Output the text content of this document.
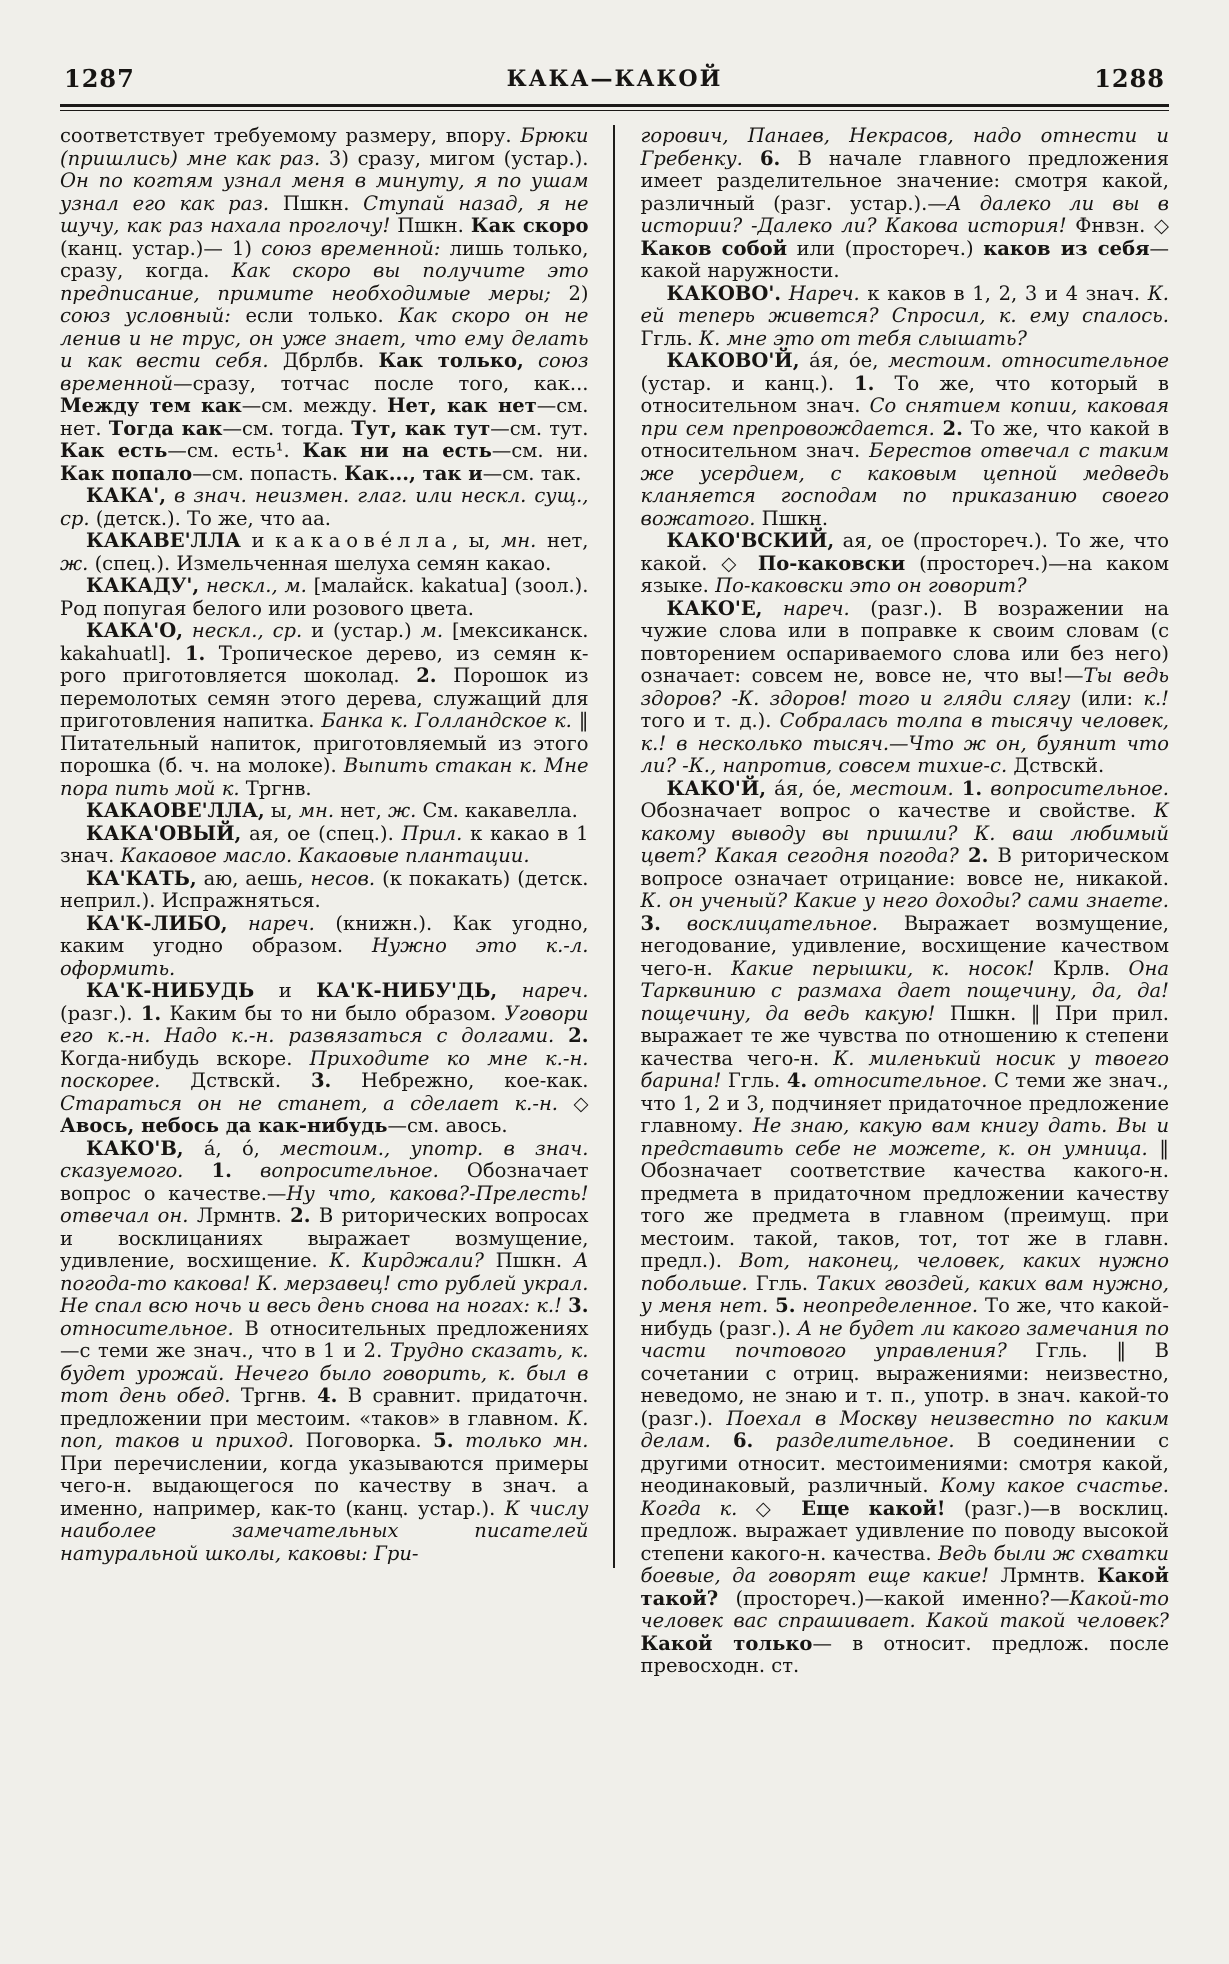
1287	КАКА—КАКОЙ	1288

соответствует требуемому размеру, впору. Брюки (пришлись) мне как раз. 3) сразу, мигом (устар.). Он по когтям узнал меня в минуту, я по ушам узнал его как раз. Пшкн. Ступай назад, я не шучу, как раз нахала проглочу! Пшкн. Как скоро (канц. устар.)— 1) союз временной: лишь только, сразу, когда. Как скоро вы получите это предписание, примите необходимые меры; 2) союз условный: если только. Как скоро он не ленив и не трус, он уже знает, что ему делать и как вести себя. Дбрлбв. Как только, союз временной—сразу, тотчас после того, как... Между тем как—см. между. Нет, как нет—см. нет. Тогда как—см. тогда. Тут, как тут—см. тут. Как есть—см. есть¹. Как ни на есть—см. ни. Как попало—см. попасть. Как..., так и—см. так.

КАКА', в знач. неизмен. глаг. или нескл. сущ., ср. (детск.). То же, что аа.

КАКАВЕ'ЛЛА и какаове́лла, ы, мн. нет, ж. (спец.). Измельченная шелуха семян какао.

КАКАДУ', нескл., м. [малайск. kakatua] (зоол.). Род попугая белого или розового цвета.

КАКА'О, нескл., ср. и (устар.) м. [мексиканск. kakahuatl]. 1. Тропическое дерево, из семян к-рого приготовляется шоколад. 2. Порошок из перемолотых семян этого дерева, служащий для приготовления напитка. Банка к. Голландское к. ‖ Питательный напиток, приготовляемый из этого порошка (б. ч. на молоке). Выпить стакан к. Мне пора пить мой к. Тргнв.

КАКАОВЕ'ЛЛА, ы, мн. нет, ж. См. какавелла.

КАКА'ОВЫЙ, ая, ое (спец.). Прил. к какао в 1 знач. Какаовое масло. Какаовые плантации.

КА'КАТЬ, аю, аешь, несов. (к покакать) (детск. неприл.). Испражняться.

КА'К-ЛИБО, нареч. (книжн.). Как угодно, каким угодно образом. Нужно это к.-л. оформить.

КА'К-НИБУДЬ и КА'К-НИБУ'ДЬ, нареч. (разг.). 1. Каким бы то ни было образом. Уговори его к.-н. Надо к.-н. развязаться с долгами. 2. Когда-нибудь вскоре. Приходите ко мне к.-н. поскорее. Дствскй. 3. Небрежно, кое-как. Стараться он не станет, а сделает к.-н. ◇ Авось, небось да как-нибудь—см. авось.

КАКО'В, а́, о́, местоим., употр. в знач. сказуемого. 1. вопросительное. Обозначает вопрос о качестве.—Ну что, какова?-Прелесть! отвечал он. Лрмнтв. 2. В риторических вопросах и восклицаниях выражает возмущение, удивление, восхищение. К. Кирджали? Пшкн. А погода-то какова! К. мерзавец! сто рублей украл. Не спал всю ночь и весь день снова на ногах: к.! 3. относительное. В относительных предложениях—с теми же знач., что в 1 и 2. Трудно сказать, к. будет урожай. Нечего было говорить, к. был в тот день обед. Тргнв. 4. В сравнит. придаточн. предложении при местоим. «таков» в главном. К. поп, таков и приход. Поговорка. 5. только мн. При перечислении, когда указываются примеры чего-н. выдающегося по качеству в знач. а именно, например, как-то (канц. устар.). К числу наиболее замечательных писателей натуральной школы, каковы: Гри-

горович, Панаев, Некрасов, надо отнести и Гребенку. 6. В начале главного предложения имеет разделительное значение: смотря какой, различный (разг. устар.).—А далеко ли вы в истории? -Далеко ли? Какова история! Фнвзн. ◇ Каков собой или (простореч.) каков из себя—какой наружности.

КАКОВО'. Нареч. к каков в 1, 2, 3 и 4 знач. К. ей теперь живется? Спросил, к. ему спалось. Ггль. К. мне это от тебя слышать?

КАКОВО'Й, а́я, о́е, местоим. относительное (устар. и канц.). 1. То же, что который в относительном знач. Со снятием копии, каковая при сем препровождается. 2. То же, что какой в относительном знач. Берестов отвечал с таким же усердием, с каковым цепной медведь кланяется господам по приказанию своего вожатого. Пшкн.

КАКО'ВСКИЙ, ая, ое (простореч.). То же, что какой. ◇ По-каковски (простореч.)—на каком языке. По-каковски это он говорит?

КАКО'Е, нареч. (разг.). В возражении на чужие слова или в поправке к своим словам (с повторением оспариваемого слова или без него) означает: совсем не, вовсе не, что вы!—Ты ведь здоров? -К. здоров! того и гляди слягу (или: к.! того и т. д.). Собралась толпа в тысячу человек, к.! в несколько тысяч.—Что ж он, буянит что ли? -К., напротив, совсем тихие-с. Дствскй.

КАКО'Й, а́я, о́е, местоим. 1. вопросительное. Обозначает вопрос о качестве и свойстве. К какому выводу вы пришли? К. ваш любимый цвет? Какая сегодня погода? 2. В риторическом вопросе означает отрицание: вовсе не, никакой. К. он ученый? Какие у него доходы? сами знаете. 3. восклицательное. Выражает возмущение, негодование, удивление, восхищение качеством чего-н. Какие перышки, к. носок! Крлв. Она Тарквинию с размаха дает пощечину, да, да! пощечину, да ведь какую! Пшкн. ‖ При прил. выражает те же чувства по отношению к степени качества чего-н. К. миленький носик у твоего барина! Ггль. 4. относительное. С теми же знач., что 1, 2 и 3, подчиняет придаточное предложение главному. Не знаю, какую вам книгу дать. Вы и представить себе не можете, к. он умница. ‖ Обозначает соответствие качества какого-н. предмета в придаточном предложении качеству того же предмета в главном (преимущ. при местоим. такой, таков, тот, тот же в главн. предл.). Вот, наконец, человек, каких нужно побольше. Ггль. Таких гвоздей, каких вам нужно, у меня нет. 5. неопределенное. То же, что какой-нибудь (разг.). А не будет ли какого замечания по части почтового управления? Ггль. ‖ В сочетании с отриц. выражениями: неизвестно, неведомо, не знаю и т. п., употр. в знач. какой-то (разг.). Поехал в Москву неизвестно по каким делам. 6. разделительное. В соединении с другими относит. местоимениями: смотря какой, неодинаковый, различный. Кому какое счастье. Когда к. ◇ Еще какой! (разг.)—в восклиц. предлож. выражает удивление по поводу высокой степени какого-н. качества. Ведь были ж схватки боевые, да говорят еще какие! Лрмнтв. Какой такой? (простореч.)—какой именно?—Какой-то человек вас спрашивает. Какой такой человек? Какой только— в относит. предлож. после превосходн. ст.
